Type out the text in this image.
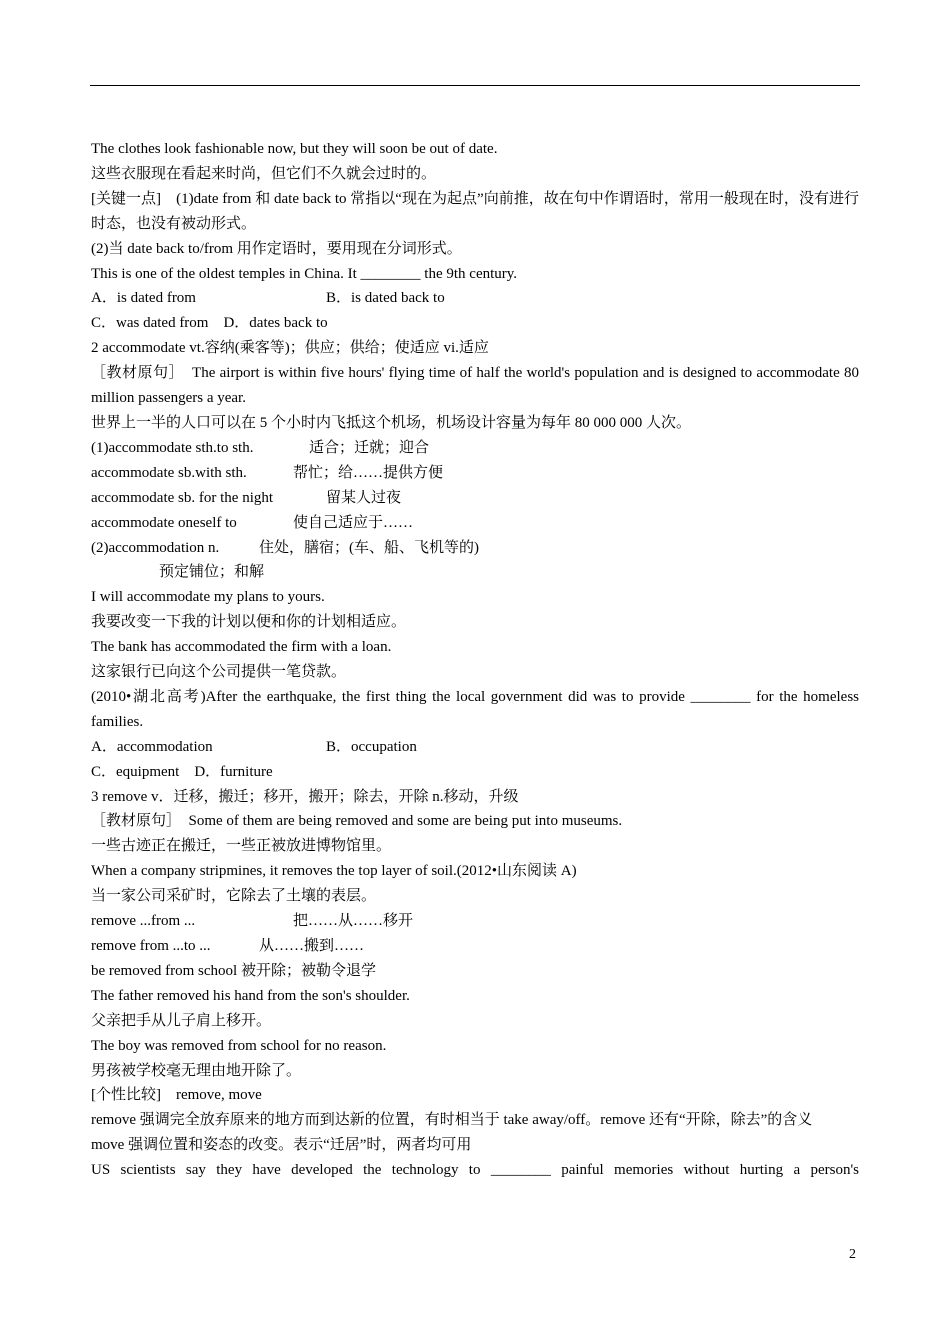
The clothes look fashionable now, but they will soon be out of date.
这些衣服现在看起来时尚，但它们不久就会过时的。
[关键一点]　(1)date from 和 date back to 常指以“现在为起点”向前推，故在句中作谓语时，常用一般现在时，没有进行时态，也没有被动形式。
(2)当 date back to/from 用作定语时，要用现在分词形式。
This is one of the oldest temples in China. It ________ the 9th century.
A．is dated from	B．is dated back to
C．was dated from　D．dates back to
2 accommodate vt.容纳(乘客等)；供应；供给；使适应 vi.适应
［教材原句］　The airport is within five hours' flying time of half the world's population and is designed to accommodate 80 million passengers a year.
世界上一半的人口可以在 5 个小时内飞抵这个机场，机场设计容量为每年 80 000 000 人次。
(1)accommodate sth.to sth.	适合；迁就；迎合
accommodate sb.with sth.	帮忙；给……提供方便
accommodate sb. for the night	留某人过夜
accommodate oneself to	使自己适应于……
(2)accommodation n.	住处，膳宿；(车、船、飞机等的)
预定铺位；和解
I will accommodate my plans to yours.
我要改变一下我的计划以便和你的计划相适应。
The bank has accommodated the firm with a loan.
这家银行已向这个公司提供一笔贷款。
(2010•湖北高考)After the earthquake, the first thing the local government did was to provide ________ for the homeless families.
A．accommodation	B．occupation
C．equipment　D．furniture
3 remove v．迁移，搬迁；移开，搬开；除去，开除 n.移动，升级
［教材原句］　Some of them are being removed and some are being put into museums.
一些古迹正在搬迁，一些正被放进博物馆里。
When a company stripmines, it removes the top layer of soil.(2012•山东阅读 A)
当一家公司采矿时，它除去了土壤的表层。
remove ...from ...	把……从……移开
remove from ...to ...	从……搬到……
be removed from school 被开除；被勒令退学
The father removed his hand from the son's shoulder.
父亲把手从儿子肩上移开。
The boy was removed from school for no reason.
男孩被学校毫无理由地开除了。
[个性比较]　remove, move
remove 强调完全放弃原来的地方而到达新的位置，有时相当于 take away/off。remove 还有“开除，除去”的含义
move 强调位置和姿态的改变。表示“迁居”时，两者均可用
US scientists say they have developed the technology to ________ painful memories without hurting a person's
2
